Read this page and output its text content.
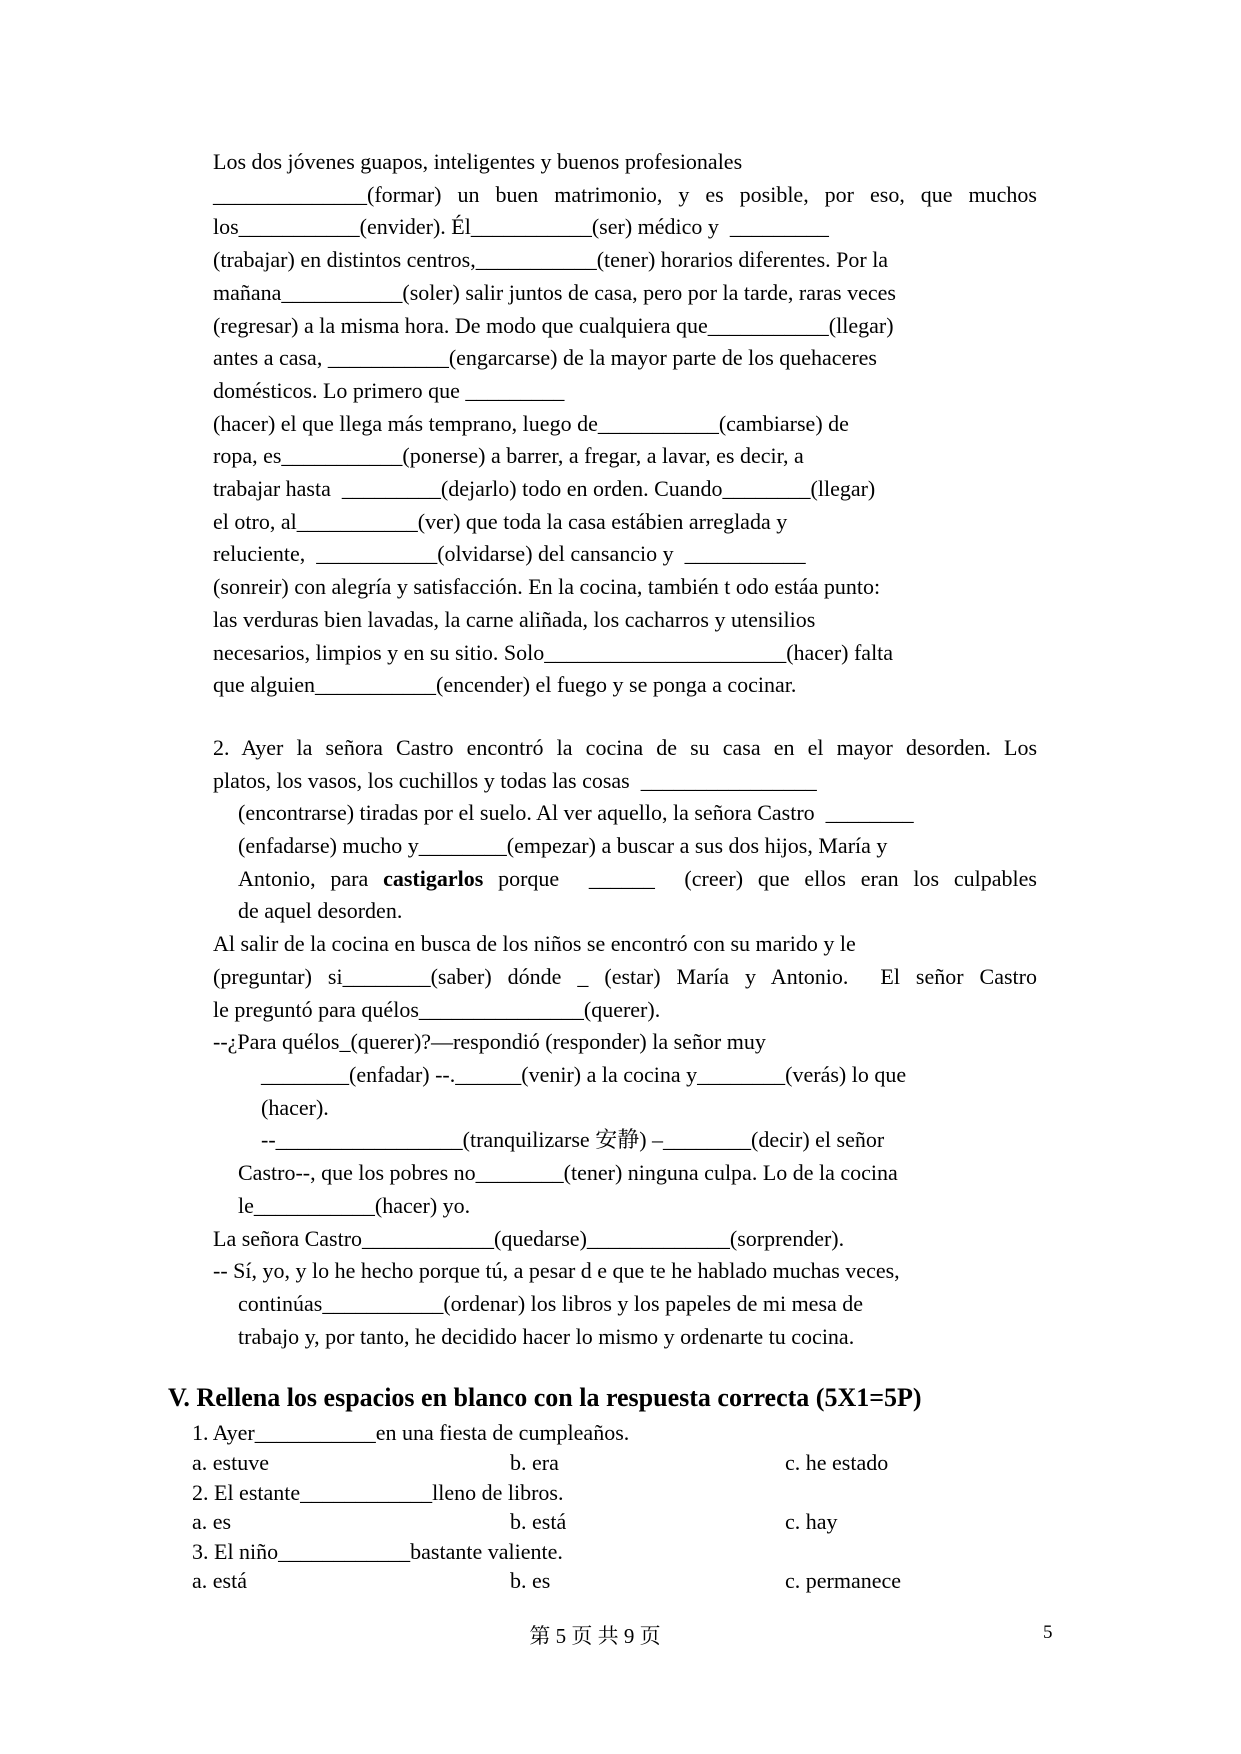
Los dos jóvenes guapos, inteligentes y buenos profesionales
______________(formar) un buen matrimonio, y es posible, por eso, que muchos
los___________(envider). Él___________(ser) médico y  _________
(trabajar) en distintos centros,___________(tener) horarios diferentes. Por la
mañana___________(soler) salir juntos de casa, pero por la tarde, raras veces
(regresar) a la misma hora. De modo que cualquiera que___________(llegar)
antes a casa, ___________(engarcarse) de la mayor parte de los quehaceres
domésticos. Lo primero que _________
(hacer) el que llega más temprano, luego de___________(cambiarse) de
ropa, es___________(ponerse) a barrer, a fregar, a lavar, es decir, a
trabajar hasta  _________(dejarlo) todo en orden. Cuando________(llegar)
el otro, al___________(ver) que toda la casa estábien arreglada y
reluciente,  ___________(olvidarse) del cansancio y  ___________
(sonreir) con alegría y satisfacción. En la cocina, también t odo estáa punto:
las verduras bien lavadas, la carne aliñada, los cacharros y utensilios
necesarios, limpios y en su sitio. Solo______________________(hacer) falta
que alguien___________(encender) el fuego y se ponga a cocinar.
2. Ayer la señora Castro encontró la cocina de su casa en el mayor desorden. Los
platos, los vasos, los cuchillos y todas las cosas  ________________
(encontrarse) tiradas por el suelo. Al ver aquello, la señora Castro  ________
(enfadarse) mucho y________(empezar) a buscar a sus dos hijos, María y
Antonio, para castigarlos porque  ______  (creer) que ellos eran los culpables
de aquel desorden.
Al salir de la cocina en busca de los niños se encontró con su marido y le
(preguntar) si________(saber) dónde _ (estar) María y Antonio.  El señor Castro
le preguntó para quélos_______________(querer).
--¿Para quélos_(querer)?—respondió (responder) la señor muy
________(enfadar) --.______(venir) a la cocina y________(verás) lo que
(hacer).
--_________________(tranquilizarse 安静) –________(decir) el señor
Castro--, que los pobres no________(tener) ninguna culpa. Lo de la cocina
le___________(hacer) yo.
La señora Castro____________(quedarse)_____________(sorprender).
-- Sí, yo, y lo he hecho porque tú, a pesar d e que te he hablado muchas veces,
continúas___________(ordenar) los libros y los papeles de mi mesa de
trabajo y, por tanto, he decidido hacer lo mismo y ordenarte tu cocina.
V. Rellena los espacios en blanco con la respuesta correcta (5X1=5P)
1. Ayer___________en una fiesta de cumpleaños.
a. estuve	b. era	c. he estado
2. El estante____________lleno de libros.
a. es	b. está	c. hay
3. El niño____________bastante valiente.
a. está	b. es	c. permanece
第 5 页 共 9 页	5
